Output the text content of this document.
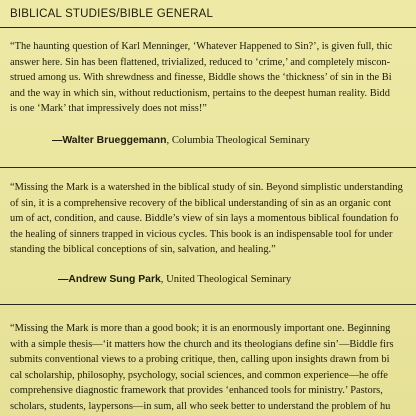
BIBLICAL STUDIES/BIBLE GENERAL
“The haunting question of Karl Menninger, ‘Whatever Happened to Sin?’, is given full, thic
answer here. Sin has been flattened, trivialized, reduced to ‘crime,’ and completely miscon-
strued among us. With shrewdness and finesse, Biddle shows the ‘thickness’ of sin in the Bi
and the way in which sin, without reductionism, pertains to the deepest human reality. Bidd
is one ‘Mark’ that impressively does not miss!”
—Walter Brueggemann, Columbia Theological Seminary
“Missing the Mark is a watershed in the biblical study of sin. Beyond simplistic understanding
of sin, it is a comprehensive recovery of the biblical understanding of sin as an organic cont
um of act, condition, and cause. Biddle’s view of sin lays a momentous biblical foundation fo
the healing of sinners trapped in vicious cycles. This book is an indispensable tool for under
standing the biblical conceptions of sin, salvation, and healing.”
—Andrew Sung Park, United Theological Seminary
“Missing the Mark is more than a good book; it is an enormously important one. Beginning
with a simple thesis—‘it matters how the church and its theologians define sin’—Biddle firs
submits conventional views to a probing critique, then, calling upon insights drawn from bi
cal scholarship, philosophy, psychology, social sciences, and common experience—he offe
comprehensive diagnostic framework that provides ‘enhanced tools for ministry.’ Pastors,
scholars, students, laypersons—in sum, all who seek better to understand the problem of hu
